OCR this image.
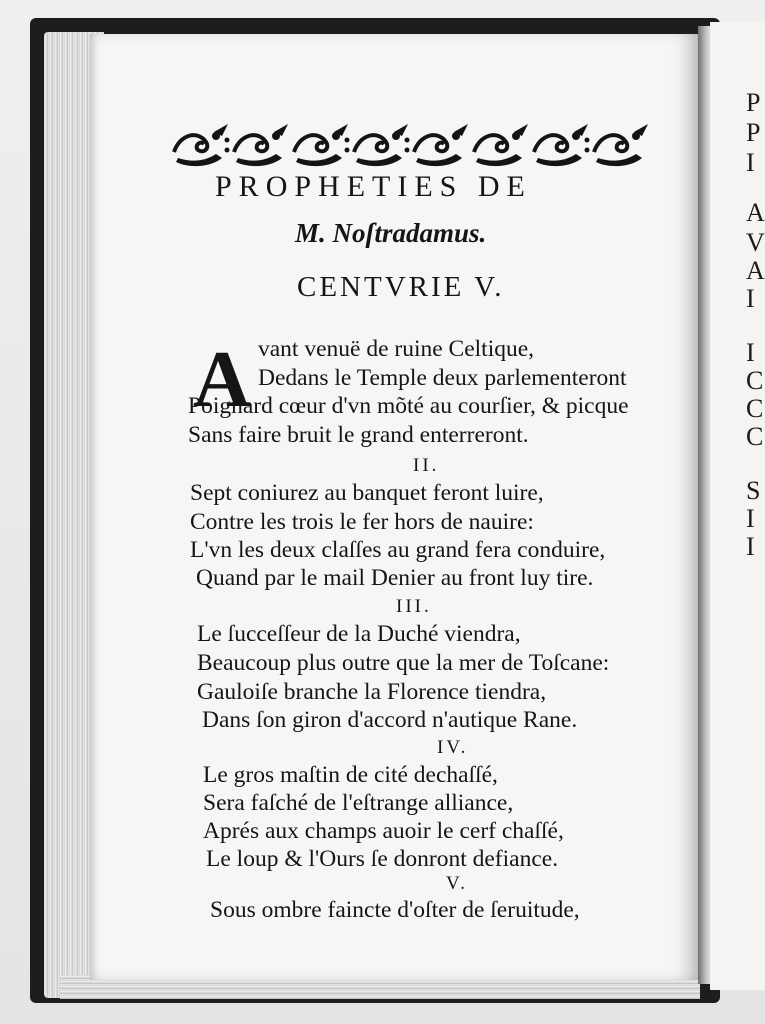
P
P
I
A
V
A
I
I
C
C
C
S
I
I
PROPHETIES DE
M. Noſtradamus.
CENTVRIE V.
A vant venuë de ruine Celtique,
Dedans le Temple deux parlementeront
Poignard cœur d'vn mõté au courſier, & picque
Sans faire bruit le grand enterreront.
II.
Sept coniurez au banquet feront luire,
Contre les trois le fer hors de nauire:
L'vn les deux claſſes au grand fera conduire,
Quand par le mail Denier au front luy tire.
III.
Le ſucceſſeur de la Duché viendra,
Beaucoup plus outre que la mer de Toſcane:
Gauloiſe branche la Florence tiendra,
Dans ſon giron d'accord n'autique Rane.
IV.
Le gros maſtin de cité dechaſſé,
Sera faſché de l'eſtrange alliance,
Aprés aux champs auoir le cerf chaſſé,
Le loup & l'Ours ſe donront defiance.
V.
Sous ombre faincte d'oſter de ſeruitude,
